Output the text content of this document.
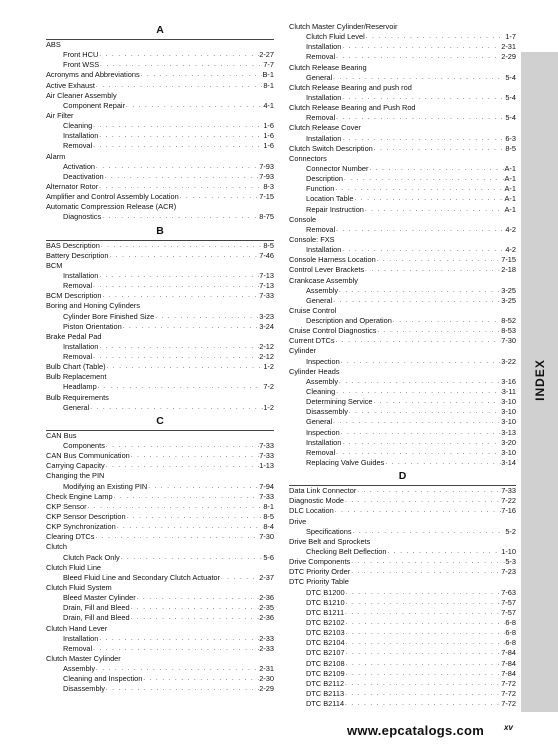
A
ABS
Front HCU . . .	2-27
Front WSS . . .	7-7
Acronyms and Abbreviations . . .	B-1
Active Exhaust . . .	8-1
Air Cleaner Assembly
Component Repair . . .	4-1
Air Filter
Cleaning . . .	1-6
Installation . . .	1-6
Removal . . .	1-6
Alarm
Activation . . .	7-93
Deactivation . . .	7-93
Alternator Rotor . . .	8-3
Amplifier and Control Assembly Location . . .	7-15
Automatic Compression Release (ACR)
Diagnostics . . .	8-75
B
BAS Description . . .	8-5
Battery Description . . .	7-46
BCM
Installation . . .	7-13
Removal . . .	7-13
BCM Description . . .	7-33
Boring and Honing Cylinders
Cylinder Bore Finished Size . . .	3-23
Piston Orientation . . .	3-24
Brake Pedal Pad
Installation . . .	2-12
Removal . . .	2-12
Bulb Chart (Table) . . .	1-2
Bulb Replacement
Headlamp . . .	7-2
Bulb Requirements
General . . .	1-2
C
CAN Bus
Components . . .	7-33
CAN Bus Communication . . .	7-33
Carrying Capacity . . .	1-13
Changing the PIN
Modifying an Existing PIN . . .	7-94
Check Engine Lamp . . .	7-33
CKP Sensor . . .	8-1
CKP Sensor Description . . .	8-5
CKP Synchronization . . .	8-4
Clearing DTCs . . .	7-30
Clutch
Clutch Pack Only . . .	5-6
Clutch Fluid Line
Bleed Fluid Line and Secondary Clutch Actuator . . .	2-37
Clutch Fluid System
Bleed Master Cylinder . . .	2-36
Drain, Fill and Bleed . . .	2-35
Drain, Fill and Bleed . . .	2-36
Clutch Hand Lever
Installation . . .	2-33
Removal . . .	2-33
Clutch Master Cylinder
Assembly . . .	2-31
Cleaning and Inspection . . .	2-30
Disassembly . . .	2-29
Clutch Master Cylinder/Reservoir
Clutch Fluid Level . . .	1-7
Installation . . .	2-31
Removal . . .	2-29
Clutch Release Bearing
General . . .	5-4
Clutch Release Bearing and push rod
Installation . . .	5-4
Clutch Release Bearing and Push Rod
Removal . . .	5-4
Clutch Release Cover
Installation . . .	6-3
Clutch Switch Description . . .	8-5
Connectors
Connector Number . . .	A-1
Description . . .	A-1
Function . . .	A-1
Location Table . . .	A-1
Repair Instruction . . .	A-1
Console
Removal . . .	4-2
Console: FXS
Installation . . .	4-2
Console Harness Location . . .	7-15
Control Lever Brackets . . .	2-18
Crankcase Assembly
Assembly . . .	3-25
General . . .	3-25
Cruise Control
Description and Operation . . .	8-52
Cruise Control Diagnostics . . .	8-53
Current DTCs . . .	7-30
Cylinder
Inspection . . .	3-22
Cylinder Heads
Assembly . . .	3-16
Cleaning . . .	3-11
Determining Service . . .	3-10
Disassembly . . .	3-10
General . . .	3-10
Inspection . . .	3-13
Installation . . .	3-20
Removal . . .	3-10
Replacing Valve Guides . . .	3-14
D
Data Link Connector . . .	7-33
Diagnostic Mode . . .	7-22
DLC Location . . .	7-16
Drive
Specifications . . .	5-2
Drive Belt and Sprockets
Checking Belt Deflection . . .	1-10
Drive Components . . .	5-3
DTC Priority Order . . .	7-23
DTC Priority Table
DTC B1200 . . .	7-63
DTC B1210 . . .	7-57
DTC B1211 . . .	7-57
DTC B2102 . . .	6-8
DTC B2103 . . .	6-8
DTC B2104 . . .	6-8
DTC B2107 . . .	7-84
DTC B2108 . . .	7-84
DTC B2109 . . .	7-84
DTC B2112 . . .	7-72
DTC B2113 . . .	7-72
DTC B2114 . . .	7-72
INDEX
www.epcatalogs.com xv
